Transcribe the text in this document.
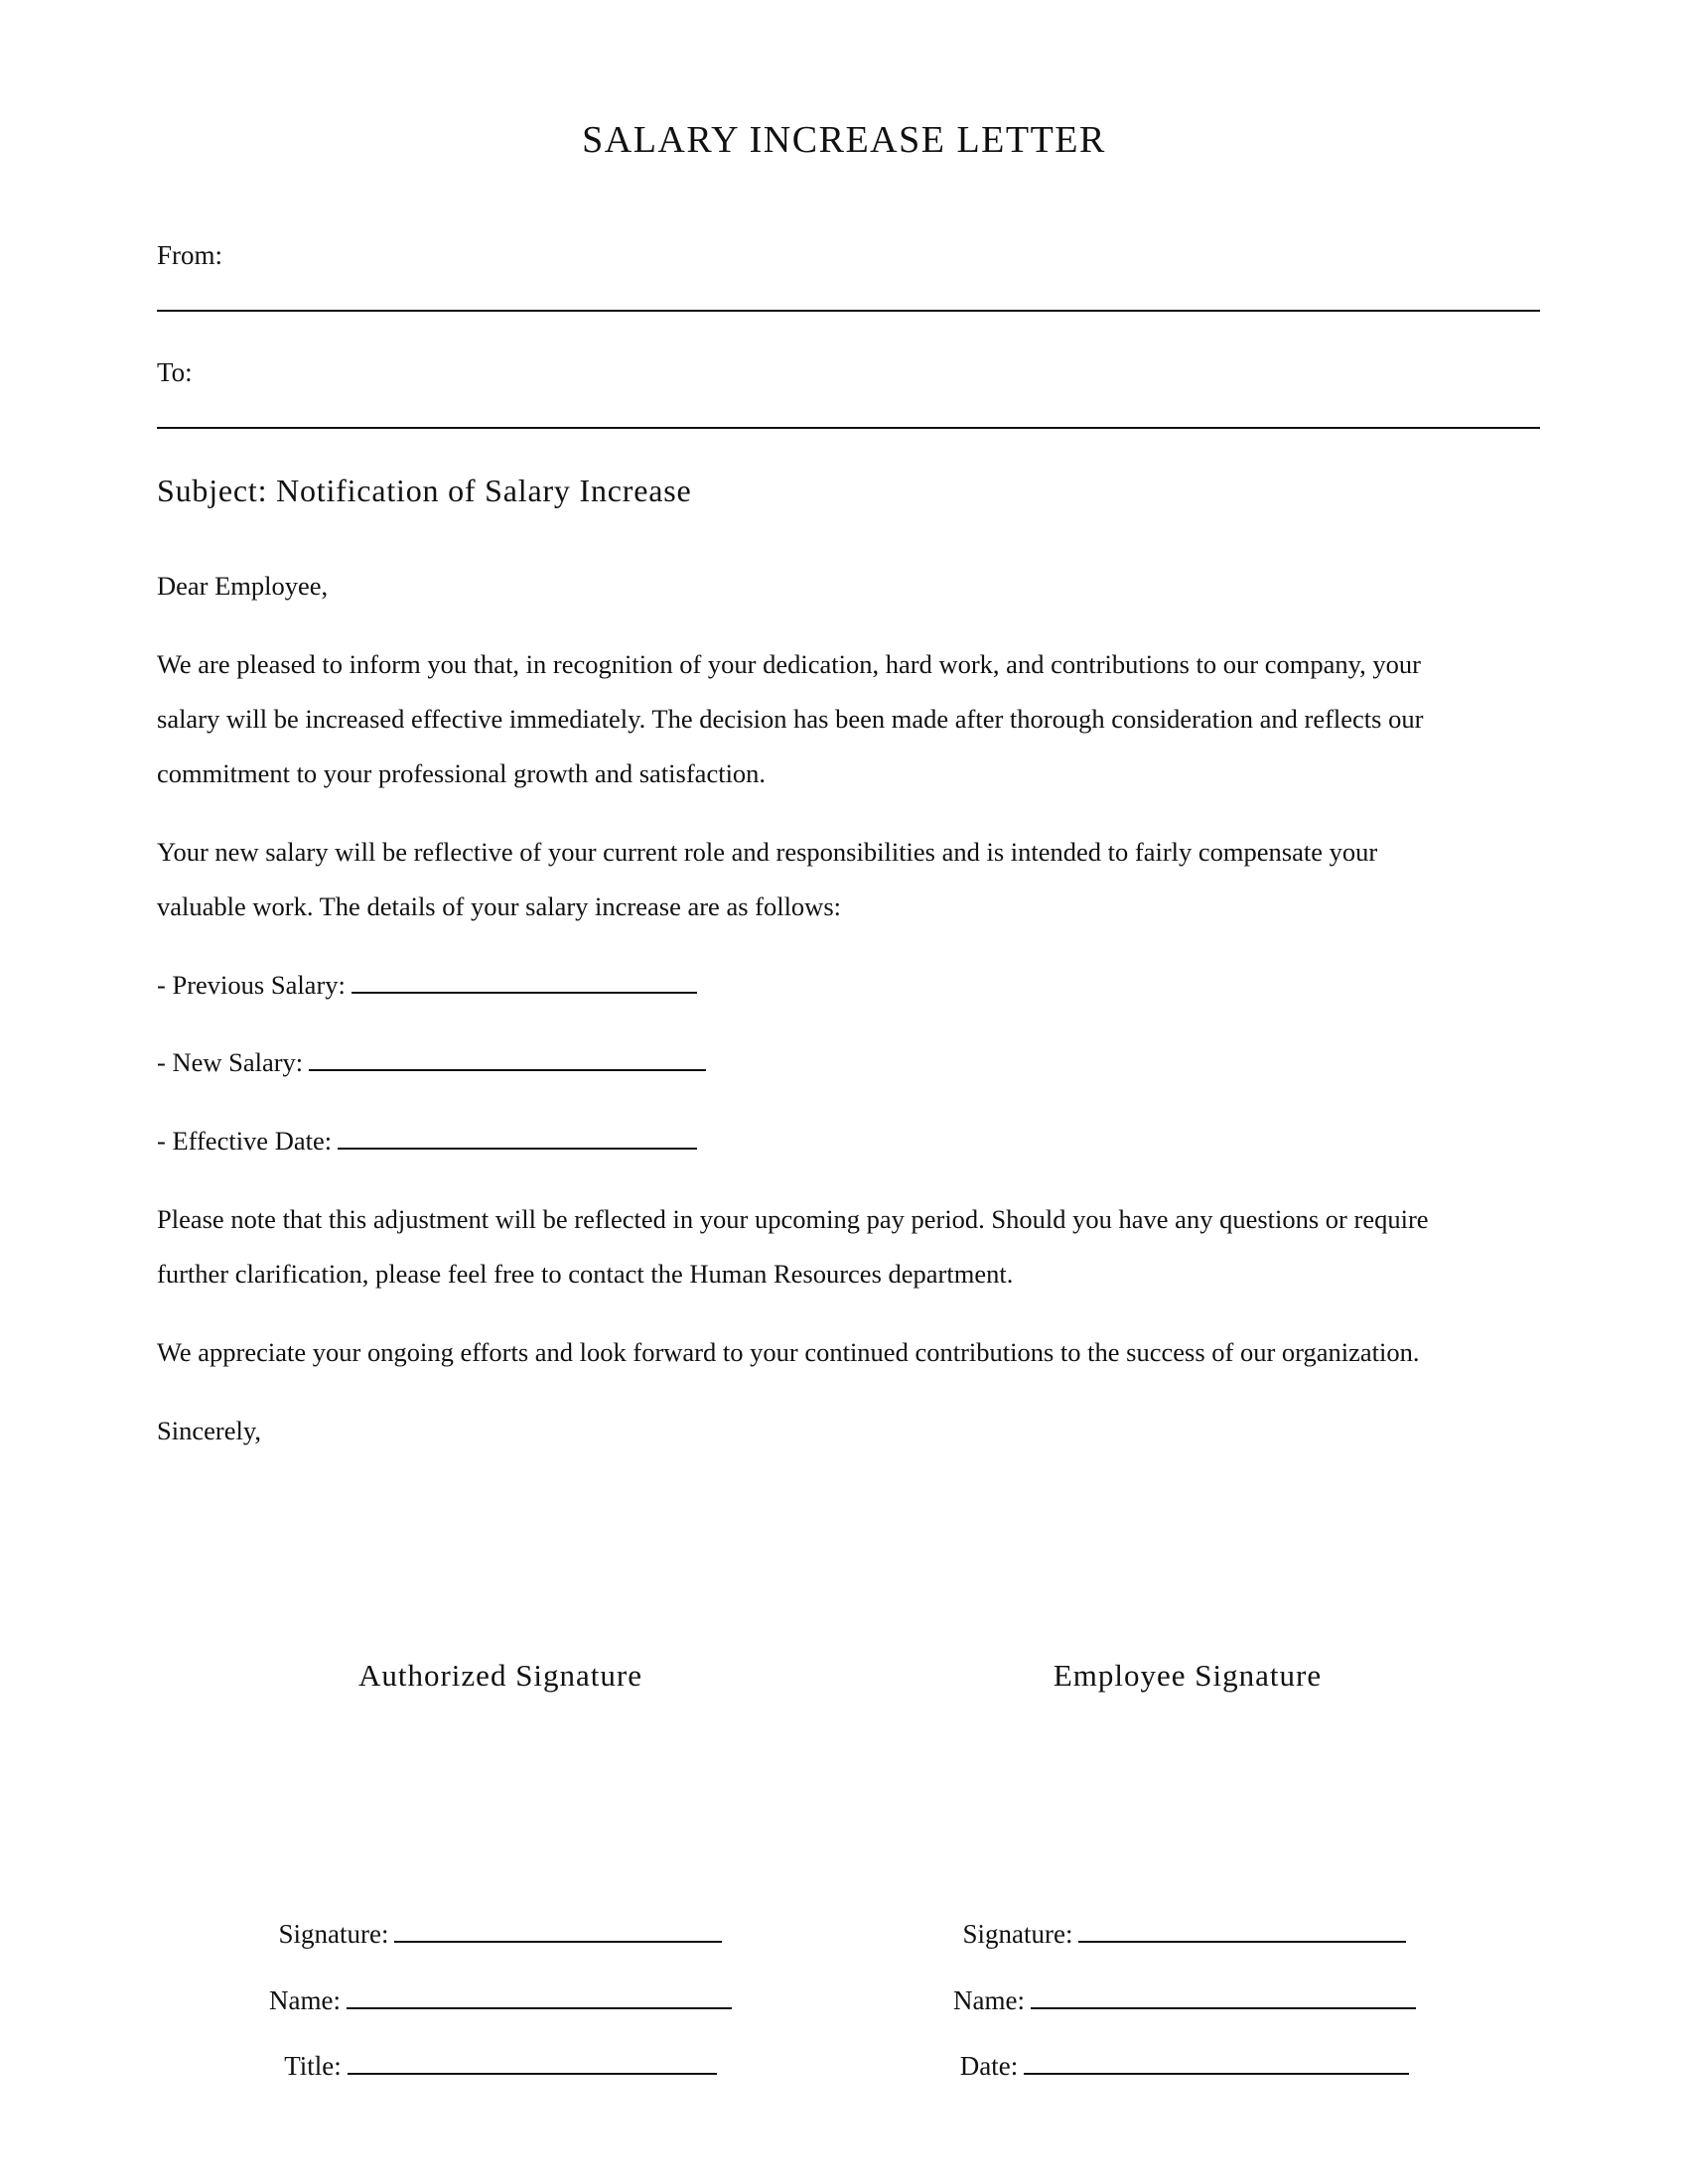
SALARY INCREASE LETTER
From:
To:
Subject: Notification of Salary Increase
Dear Employee,
We are pleased to inform you that, in recognition of your dedication, hard work, and contributions to our company, your
salary will be increased effective immediately. The decision has been made after thorough consideration and reflects our
commitment to your professional growth and satisfaction.
Your new salary will be reflective of your current role and responsibilities and is intended to fairly compensate your
valuable work. The details of your salary increase are as follows:
- Previous Salary:
- New Salary:
- Effective Date:
Please note that this adjustment will be reflected in your upcoming pay period. Should you have any questions or require
further clarification, please feel free to contact the Human Resources department.
We appreciate your ongoing efforts and look forward to your continued contributions to the success of our organization.
Sincerely,
Authorized Signature	Employee Signature
Signature:
Name:
Title:
Signature:
Name:
Date:
